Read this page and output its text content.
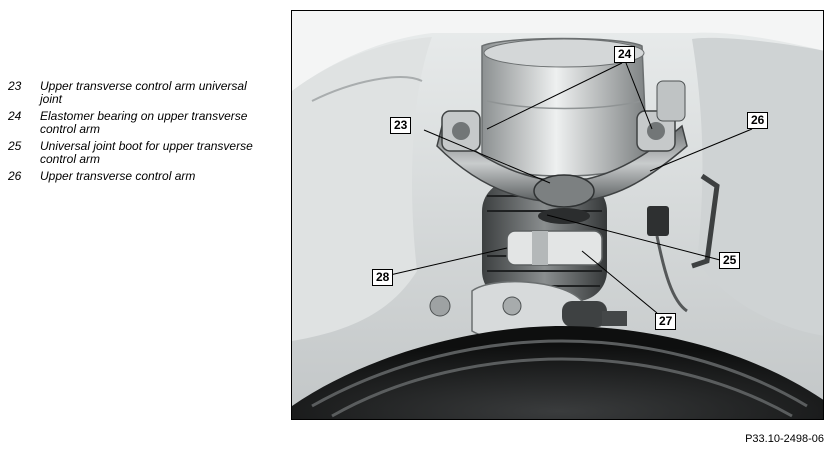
23	Upper transverse control arm universal joint
24	Elastomer bearing on upper transverse control arm
25	Universal joint boot for upper transverse control arm
26	Upper transverse control arm
24
23	26
25
28
27
P33.10-2498-06
